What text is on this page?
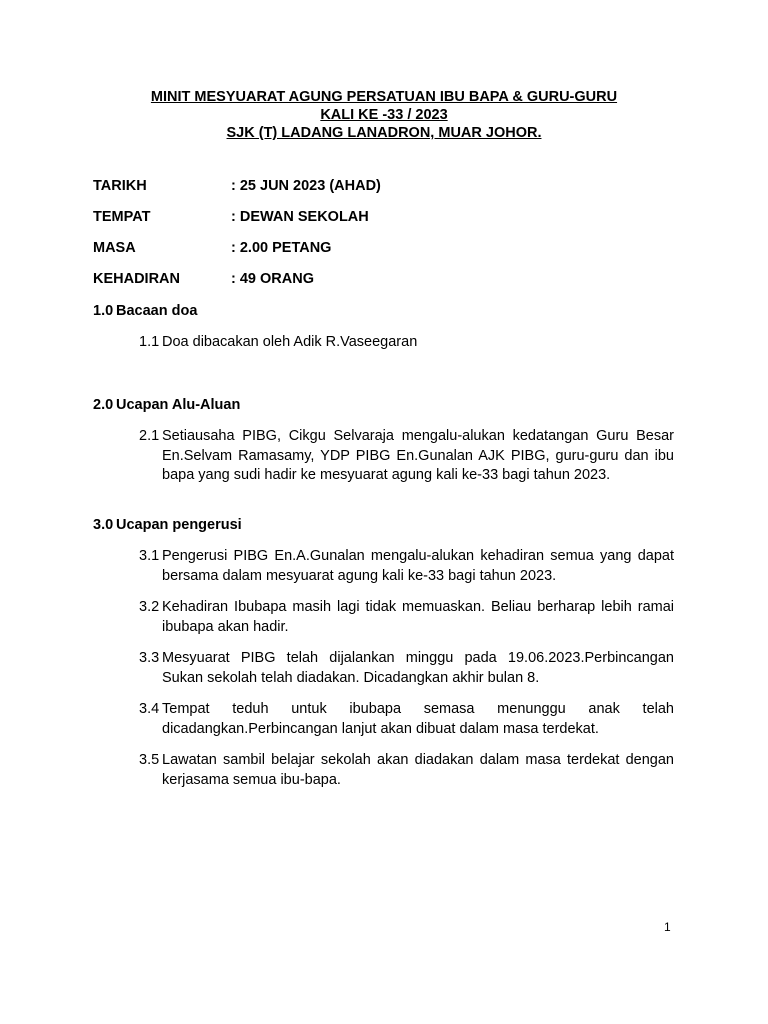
MINIT MESYUARAT AGUNG PERSATUAN IBU BAPA & GURU-GURU
KALI KE -33 / 2023
SJK (T) LADANG LANADRON, MUAR JOHOR.
TARIKH	: 25 JUN 2023 (AHAD)
TEMPAT	: DEWAN SEKOLAH
MASA	: 2.00 PETANG
KEHADIRAN	: 49 ORANG
1.0 Bacaan doa
1.1 Doa dibacakan oleh Adik R.Vaseegaran
2.0 Ucapan Alu-Aluan
2.1 Setiausaha PIBG, Cikgu Selvaraja mengalu-alukan kedatangan Guru Besar En.Selvam Ramasamy, YDP PIBG En.Gunalan AJK PIBG, guru-guru dan ibu bapa yang sudi hadir ke mesyuarat agung kali ke-33 bagi tahun 2023.
3.0 Ucapan pengerusi
3.1 Pengerusi PIBG En.A.Gunalan mengalu-alukan kehadiran semua yang dapat bersama dalam mesyuarat agung kali ke-33 bagi tahun 2023.
3.2 Kehadiran Ibubapa masih lagi tidak memuaskan. Beliau berharap lebih ramai ibubapa akan hadir.
3.3 Mesyuarat PIBG telah dijalankan minggu pada 19.06.2023.Perbincangan Sukan sekolah telah diadakan. Dicadangkan akhir bulan 8.
3.4 Tempat teduh untuk ibubapa semasa menunggu anak telah dicadangkan.Perbincangan lanjut akan dibuat dalam masa terdekat.
3.5 Lawatan sambil belajar sekolah akan diadakan dalam masa terdekat dengan kerjasama semua ibu-bapa.
1
